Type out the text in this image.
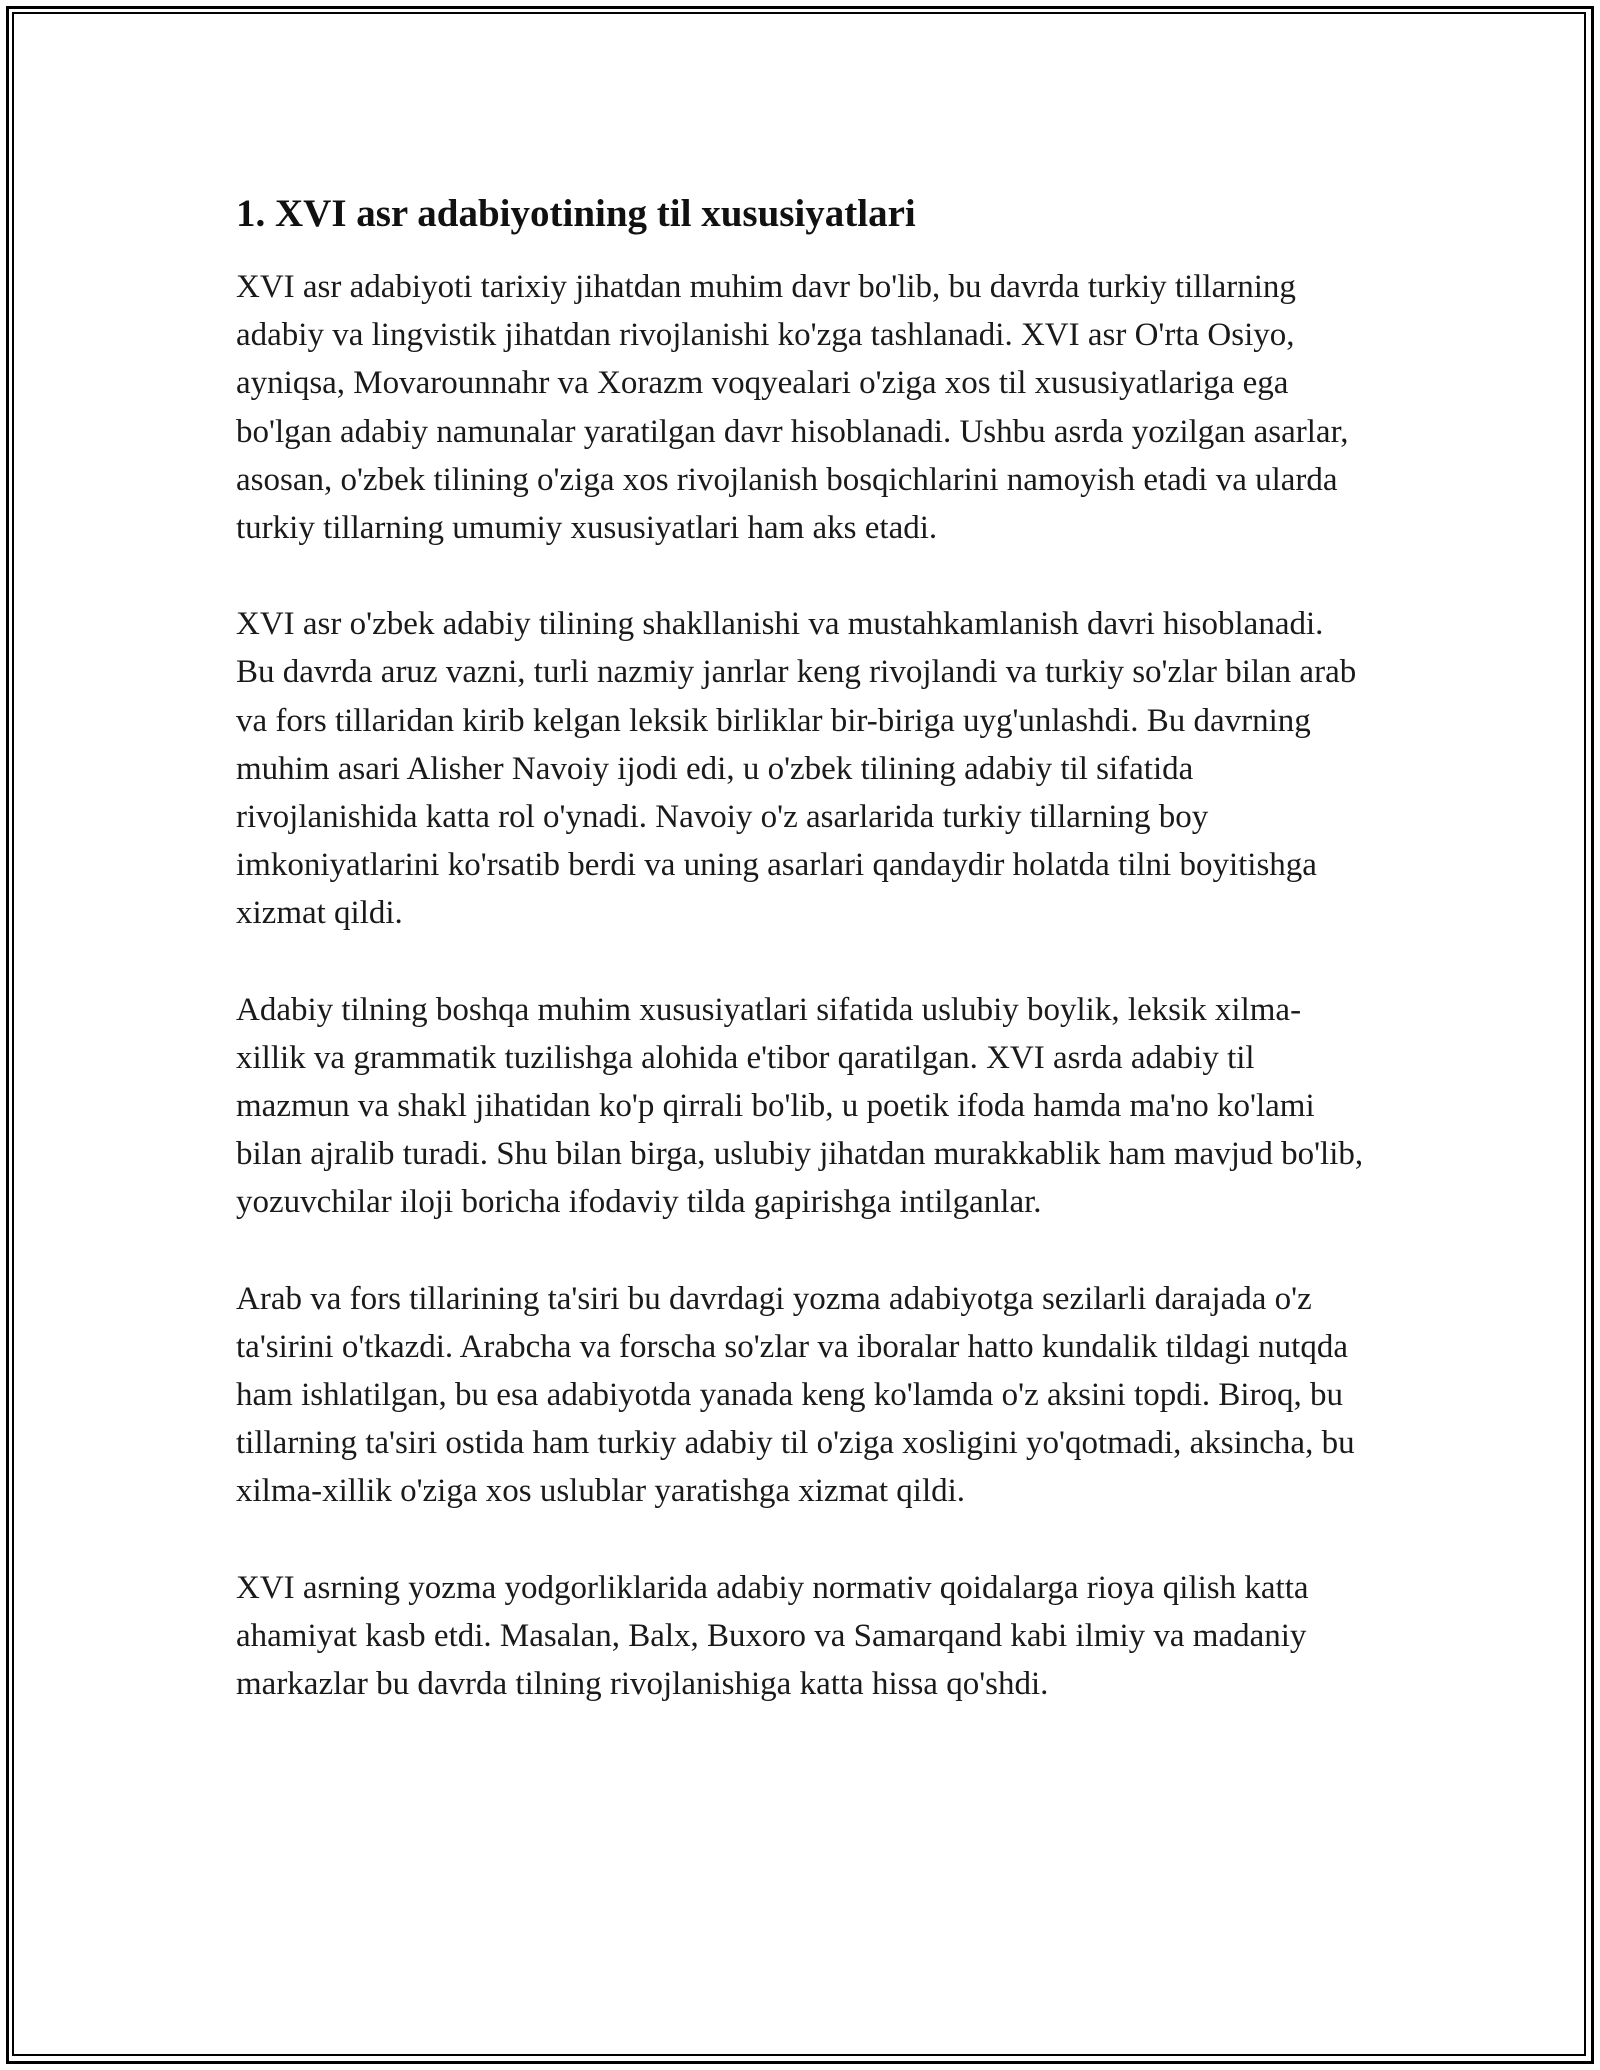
1. XVI asr adabiyotining til xususiyatlari

XVI asr adabiyoti tarixiy jihatdan muhim davr bo'lib, bu davrda turkiy tillarning adabiy va lingvistik jihatdan rivojlanishi ko'zga tashlanadi. XVI asr O'rta Osiyo, ayniqsa, Movarounnahr va Xorazm voqyealari o'ziga xos til xususiyatlariga ega bo'lgan adabiy namunalar yaratilgan davr hisoblanadi. Ushbu asrda yozilgan asarlar, asosan, o'zbek tilining o'ziga xos rivojlanish bosqichlarini namoyish etadi va ularda turkiy tillarning umumiy xususiyatlari ham aks etadi.

XVI asr o'zbek adabiy tilining shakllanishi va mustahkamlanish davri hisoblanadi. Bu davrda aruz vazni, turli nazmiy janrlar keng rivojlandi va turkiy so'zlar bilan arab va fors tillaridan kirib kelgan leksik birliklar bir-biriga uyg'unlashdi. Bu davrning muhim asari Alisher Navoiy ijodi edi, u o'zbek tilining adabiy til sifatida rivojlanishida katta rol o'ynadi. Navoiy o'z asarlarida turkiy tillarning boy imkoniyatlarini ko'rsatib berdi va uning asarlari qandaydir holatda tilni boyitishga xizmat qildi.

Adabiy tilning boshqa muhim xususiyatlari sifatida uslubiy boylik, leksik xilma-xillik va grammatik tuzilishga alohida e'tibor qaratilgan. XVI asrda adabiy til mazmun va shakl jihatidan ko'p qirrali bo'lib, u poetik ifoda hamda ma'no ko'lami bilan ajralib turadi. Shu bilan birga, uslubiy jihatdan murakkablik ham mavjud bo'lib, yozuvchilar iloji boricha ifodaviy tilda gapirishga intilganlar.

Arab va fors tillarining ta'siri bu davrdagi yozma adabiyotga sezilarli darajada o'z ta'sirini o'tkazdi. Arabcha va forscha so'zlar va iboralar hatto kundalik tildagi nutqda ham ishlatilgan, bu esa adabiyotda yanada keng ko'lamda o'z aksini topdi. Biroq, bu tillarning ta'siri ostida ham turkiy adabiy til o'ziga xosligini yo'qotmadi, aksincha, bu xilma-xillik o'ziga xos uslublar yaratishga xizmat qildi.

XVI asrning yozma yodgorliklarida adabiy normativ qoidalarga rioya qilish katta ahamiyat kasb etdi. Masalan, Balx, Buxoro va Samarqand kabi ilmiy va madaniy markazlar bu davrda tilning rivojlanishiga katta hissa qo'shdi.
